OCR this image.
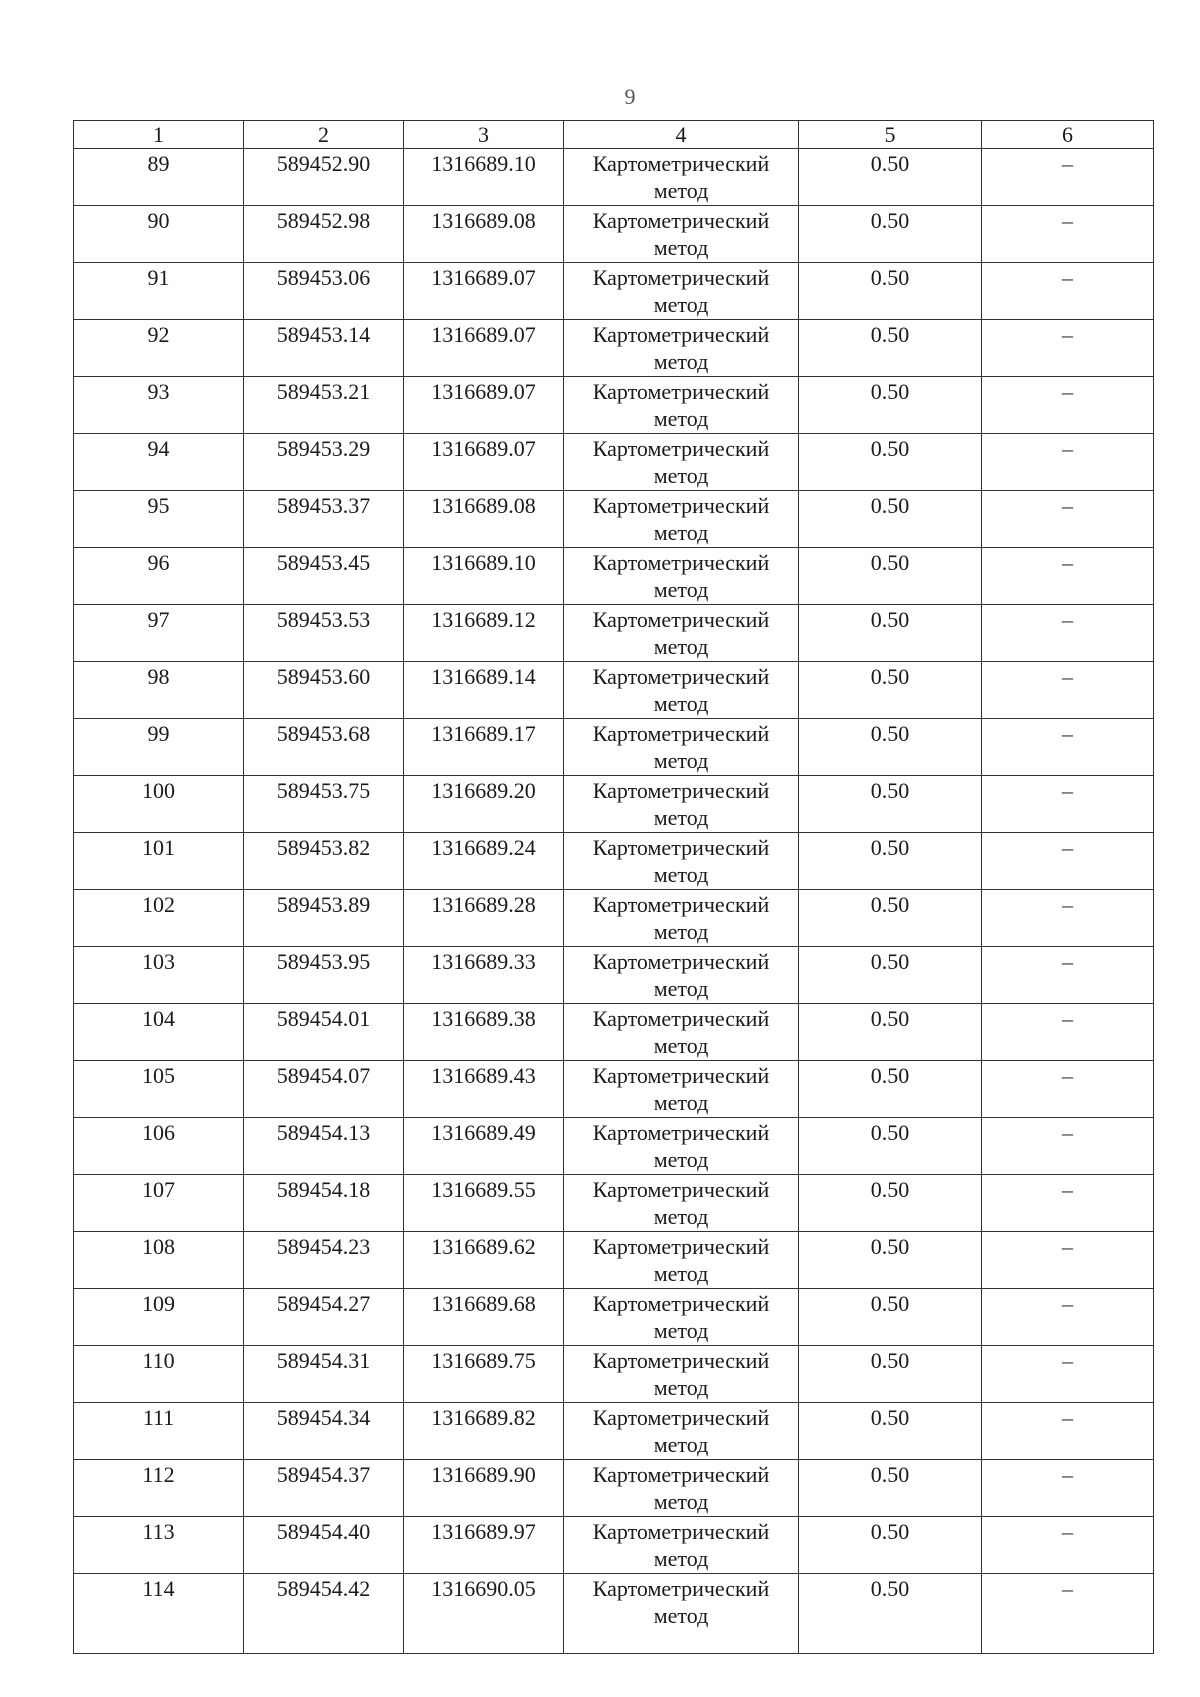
9
1	2	3	4	5	6
89	589452.90	1316689.10	Картометрический
метод	0.50	–
90	589452.98	1316689.08	Картометрический
метод	0.50	–
91	589453.06	1316689.07	Картометрический
метод	0.50	–
92	589453.14	1316689.07	Картометрический
метод	0.50	–
93	589453.21	1316689.07	Картометрический
метод	0.50	–
94	589453.29	1316689.07	Картометрический
метод	0.50	–
95	589453.37	1316689.08	Картометрический
метод	0.50	–
96	589453.45	1316689.10	Картометрический
метод	0.50	–
97	589453.53	1316689.12	Картометрический
метод	0.50	–
98	589453.60	1316689.14	Картометрический
метод	0.50	–
99	589453.68	1316689.17	Картометрический
метод	0.50	–
100	589453.75	1316689.20	Картометрический
метод	0.50	–
101	589453.82	1316689.24	Картометрический
метод	0.50	–
102	589453.89	1316689.28	Картометрический
метод	0.50	–
103	589453.95	1316689.33	Картометрический
метод	0.50	–
104	589454.01	1316689.38	Картометрический
метод	0.50	–
105	589454.07	1316689.43	Картометрический
метод	0.50	–
106	589454.13	1316689.49	Картометрический
метод	0.50	–
107	589454.18	1316689.55	Картометрический
метод	0.50	–
108	589454.23	1316689.62	Картометрический
метод	0.50	–
109	589454.27	1316689.68	Картометрический
метод	0.50	–
110	589454.31	1316689.75	Картометрический
метод	0.50	–
111	589454.34	1316689.82	Картометрический
метод	0.50	–
112	589454.37	1316689.90	Картометрический
метод	0.50	–
113	589454.40	1316689.97	Картометрический
метод	0.50	–
114	589454.42	1316690.05	Картометрический
метод	0.50	–
